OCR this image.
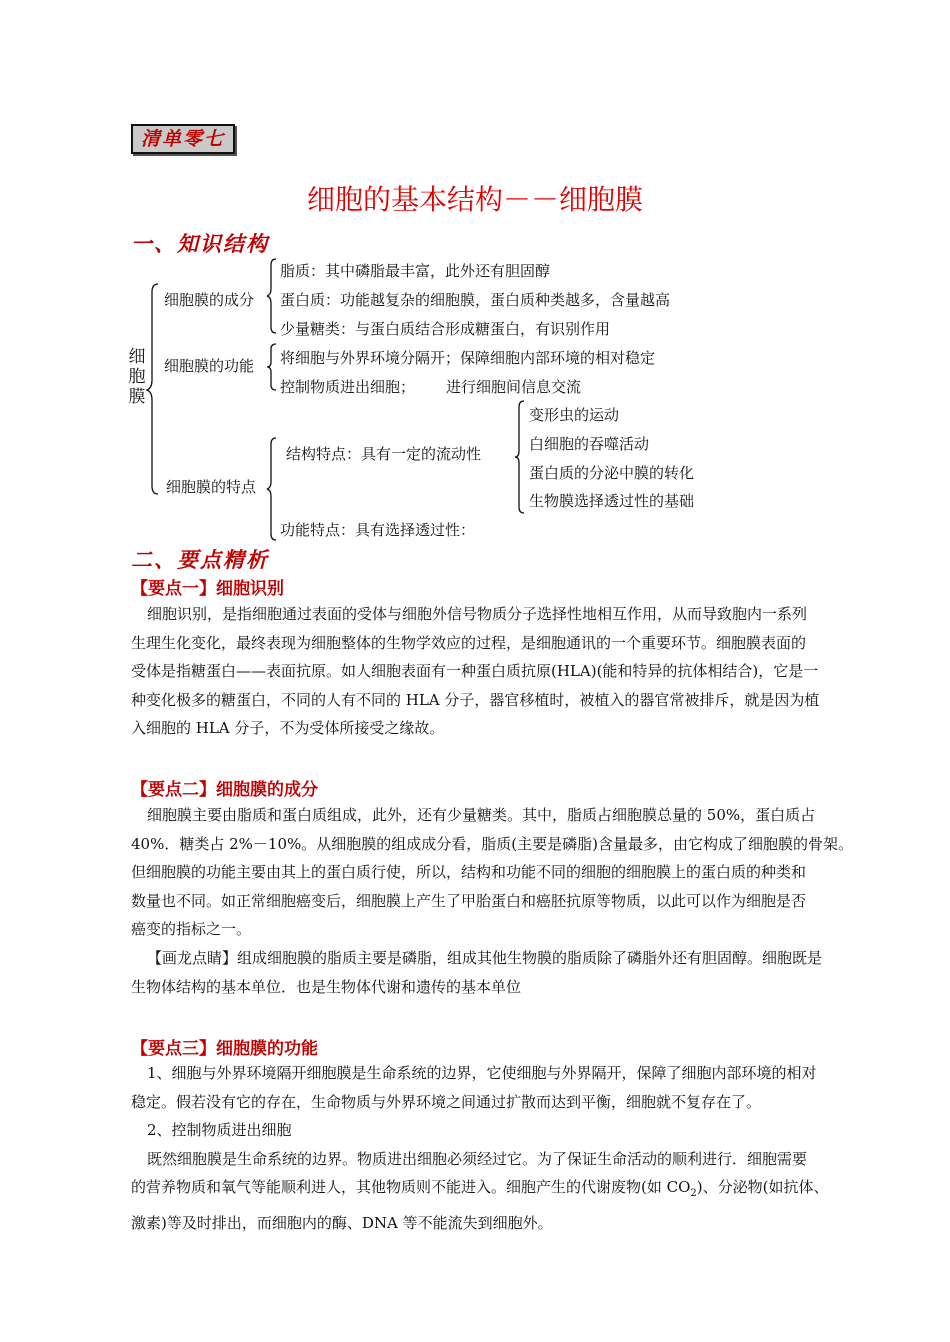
清单零七
细胞的基本结构－－细胞膜
一、知识结构
细胞膜
细胞膜的成分
脂质：其中磷脂最丰富，此外还有胆固醇
蛋白质：功能越复杂的细胞膜，蛋白质种类越多，含量越高
少量糖类：与蛋白质结合形成糖蛋白，有识别作用
细胞膜的功能 将细胞与外界环境分隔开；保障细胞内部环境的相对稳定
控制物质进出细胞； 进行细胞间信息交流
细胞膜的特点
结构特点：具有一定的流动性
功能特点：具有选择透过性：
变形虫的运动
白细胞的吞噬活动
蛋白质的分泌中膜的转化
生物膜选择透过性的基础
二、要点精析
【要点一】细胞识别

细胞识别，是指细胞通过表面的受体与细胞外信号物质分子选择性地相互作用，从而导致胞内一系列

生理生化变化，最终表现为细胞整体的生物学效应的过程，是细胞通讯的一个重要环节。细胞膜表面的

受体是指糖蛋白——表面抗原。如人细胞表面有一种蛋白质抗原(HLA)(能和特异的抗体相结合)，它是一

种变化极多的糖蛋白，不同的人有不同的 HLA 分子，器官移植时，被植入的器官常被排斥，就是因为植

入细胞的 HLA 分子，不为受体所接受之缘故。

【要点二】细胞膜的成分

细胞膜主要由脂质和蛋白质组成，此外，还有少量糖类。其中，脂质占细胞膜总量的 50%，蛋白质占

40%．糖类占 2%－10%。从细胞膜的组成成分看，脂质(主要是磷脂)含量最多，由它构成了细胞膜的骨架。

但细胞膜的功能主要由其上的蛋白质行使，所以，结构和功能不同的细胞的细胞膜上的蛋白质的种类和

数量也不同。如正常细胞癌变后，细胞膜上产生了甲胎蛋白和癌胚抗原等物质，以此可以作为细胞是否

癌变的指标之一。

【画龙点睛】组成细胞膜的脂质主要是磷脂，组成其他生物膜的脂质除了磷脂外还有胆固醇。细胞既是

生物体结构的基本单位．也是生物体代谢和遗传的基本单位

【要点三】细胞膜的功能

1、细胞与外界环境隔开细胞膜是生命系统的边界，它使细胞与外界隔开，保障了细胞内部环境的相对

稳定。假若没有它的存在，生命物质与外界环境之间通过扩散而达到平衡，细胞就不复存在了。

2、控制物质进出细胞

既然细胞膜是生命系统的边界。物质进出细胞必须经过它。为了保证生命活动的顺利进行．细胞需要

的营养物质和氧气等能顺利进人，其他物质则不能进入。细胞产生的代谢废物(如 $CO_2$)、分泌物(如抗体、

激素)等及时排出，而细胞内的酶、DNA 等不能流失到细胞外。
